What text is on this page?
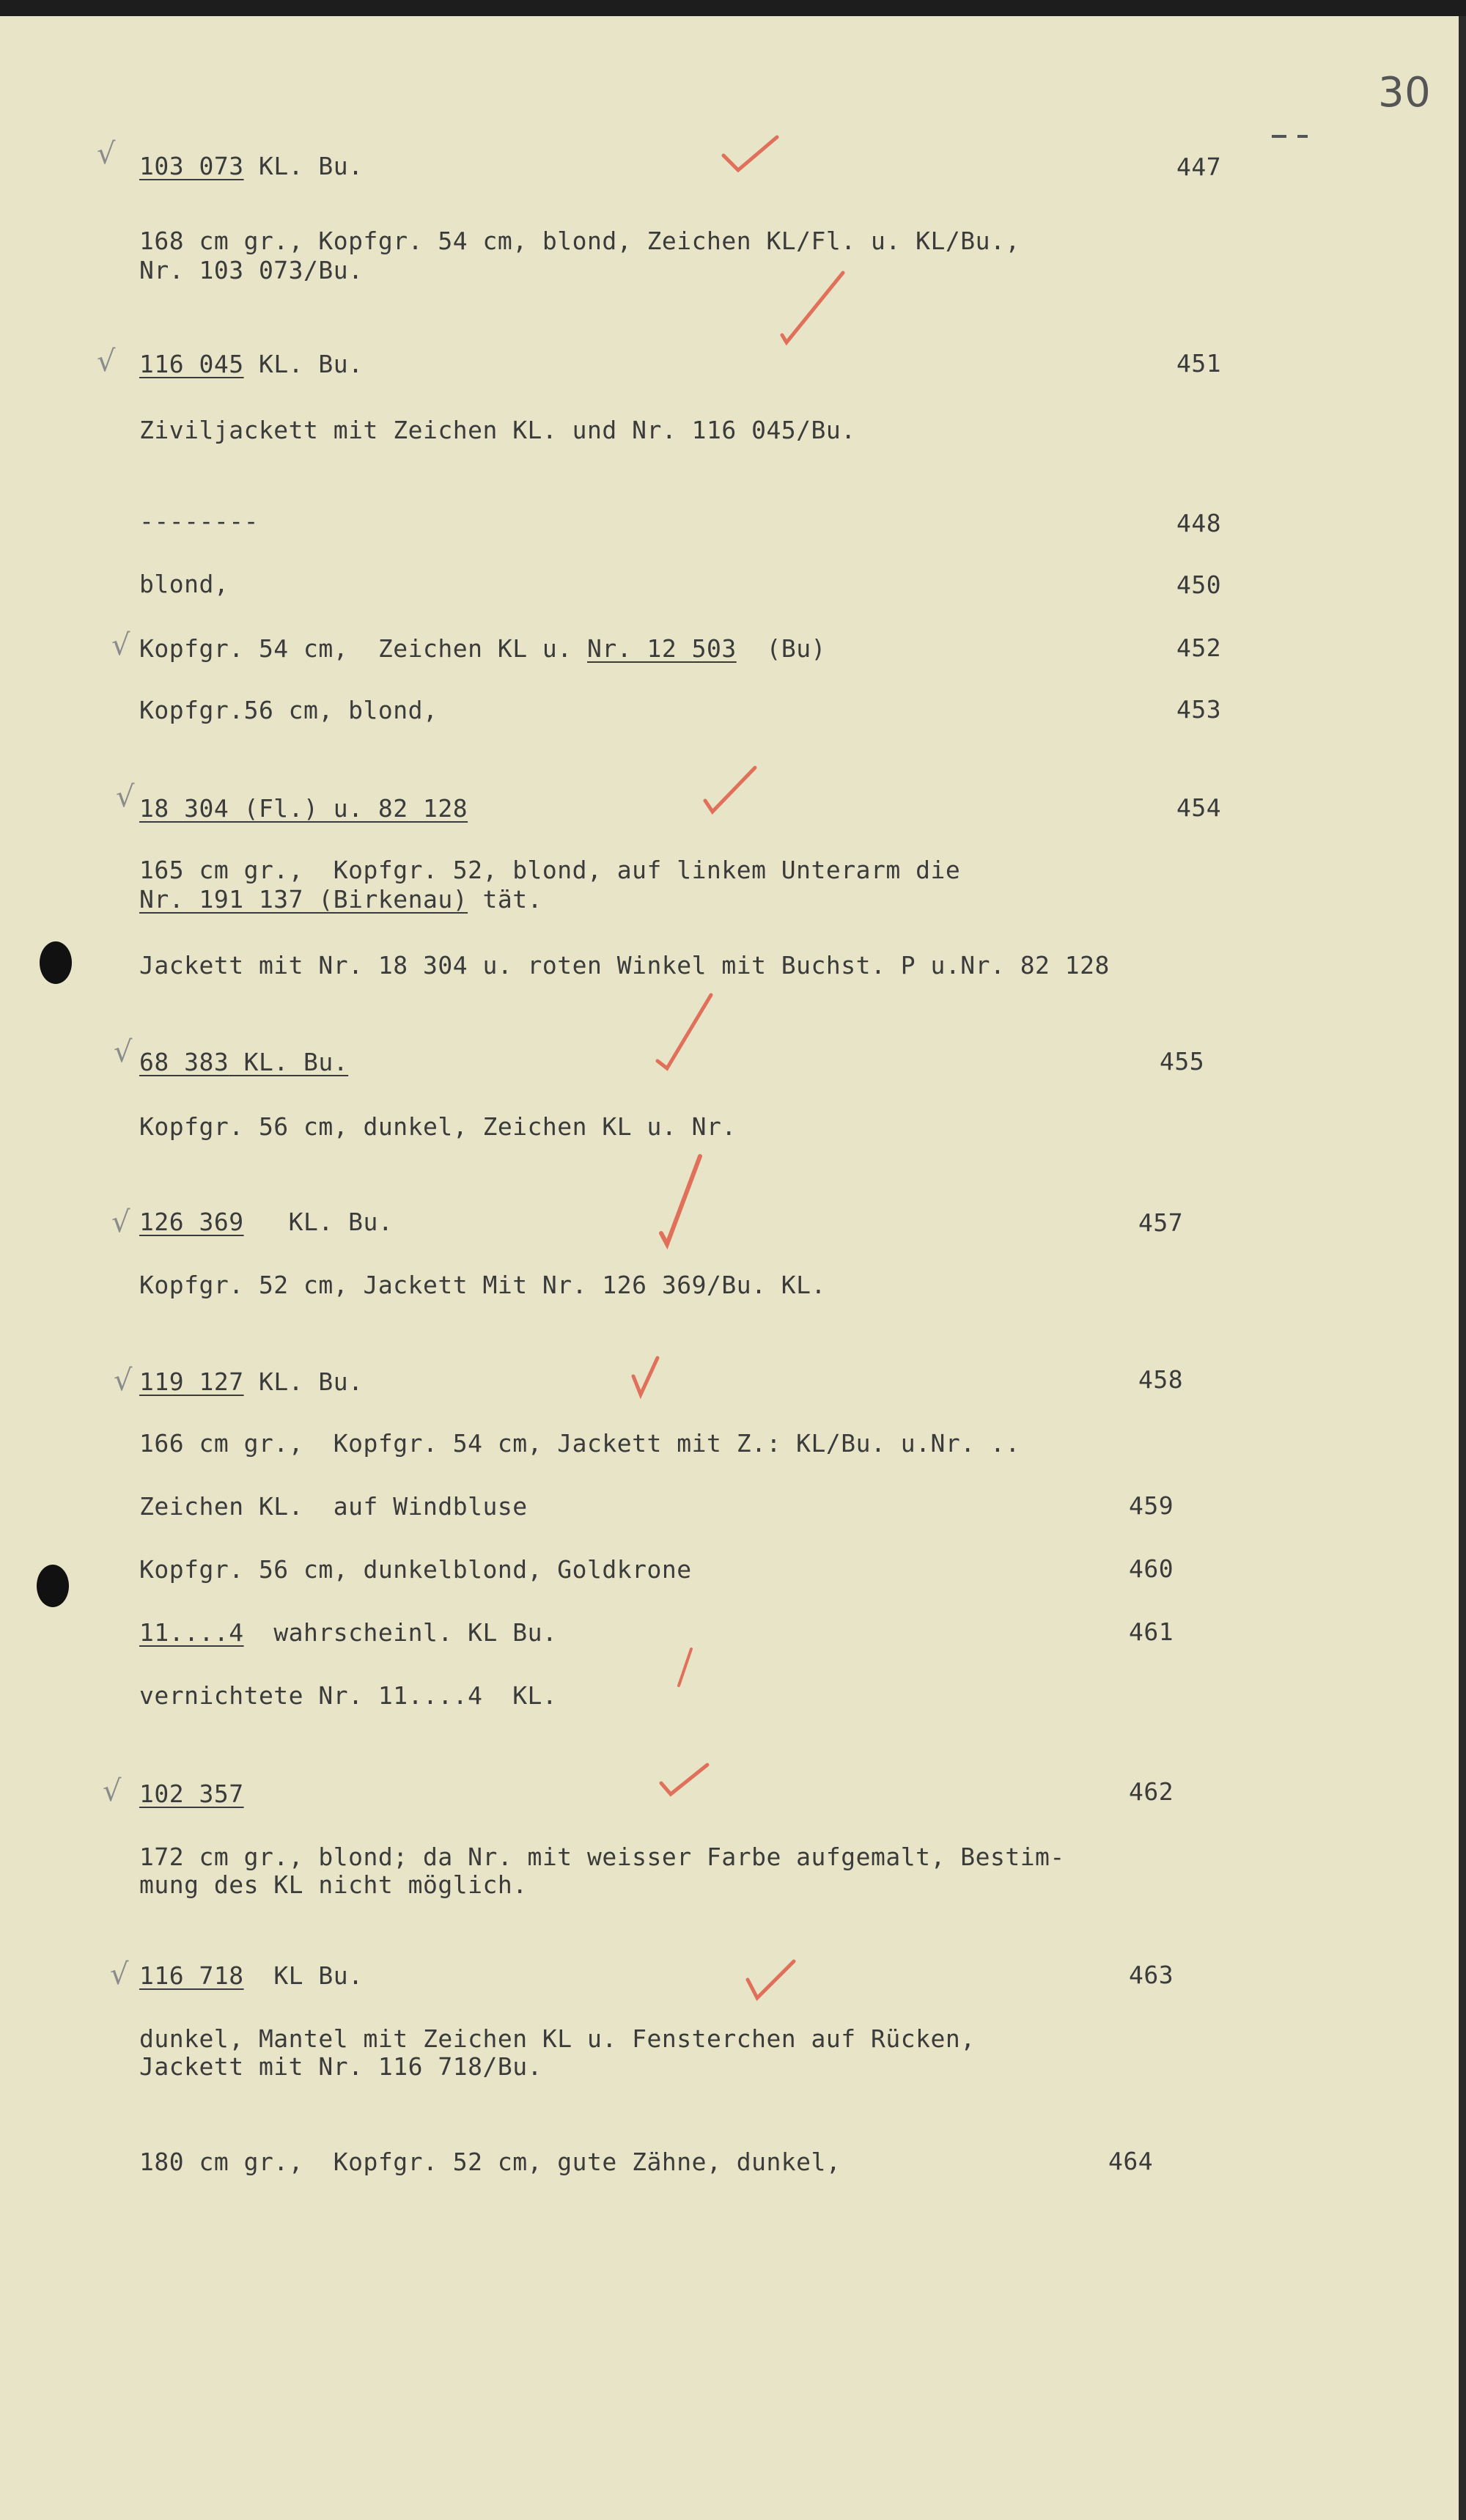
30
√ 103 073 KL. Bu.	447
168 cm gr., Kopfgr. 54 cm, blond, Zeichen KL/Fl. u. KL/Bu.,
Nr. 103 073/Bu.
√ 116 045 KL. Bu.	451
Ziviljackett mit Zeichen KL. und Nr. 116 045/Bu.
--------	448
blond,	450
√ Kopfgr. 54 cm,  Zeichen KL u. Nr. 12 503  (Bu)	452
Kopfgr.56 cm, blond,	453
√ 18 304 (Fl.) u. 82 128	454
165 cm gr.,  Kopfgr. 52, blond, auf linkem Unterarm die
Nr. 191 137 (Birkenau) tät.
Jackett mit Nr. 18 304 u. roten Winkel mit Buchst. P u.Nr. 82 128
√ 68 383 KL. Bu.	455
Kopfgr. 56 cm, dunkel, Zeichen KL u. Nr.
√ 126 369   KL. Bu.	457
Kopfgr. 52 cm, Jackett Mit Nr. 126 369/Bu. KL.
√ 119 127 KL. Bu.	458
166 cm gr.,  Kopfgr. 54 cm, Jackett mit Z.: KL/Bu. u.Nr. ..
Zeichen KL.  auf Windbluse	459
Kopfgr. 56 cm, dunkelblond, Goldkrone	460
11....4  wahrscheinl. KL Bu.	461
vernichtete Nr. 11....4  KL.
√ 102 357	462
172 cm gr., blond; da Nr. mit weisser Farbe aufgemalt, Bestim-
mung des KL nicht möglich.
√ 116 718  KL Bu.	463
dunkel, Mantel mit Zeichen KL u. Fensterchen auf Rücken,
Jackett mit Nr. 116 718/Bu.
180 cm gr.,  Kopfgr. 52 cm, gute Zähne, dunkel,	464
